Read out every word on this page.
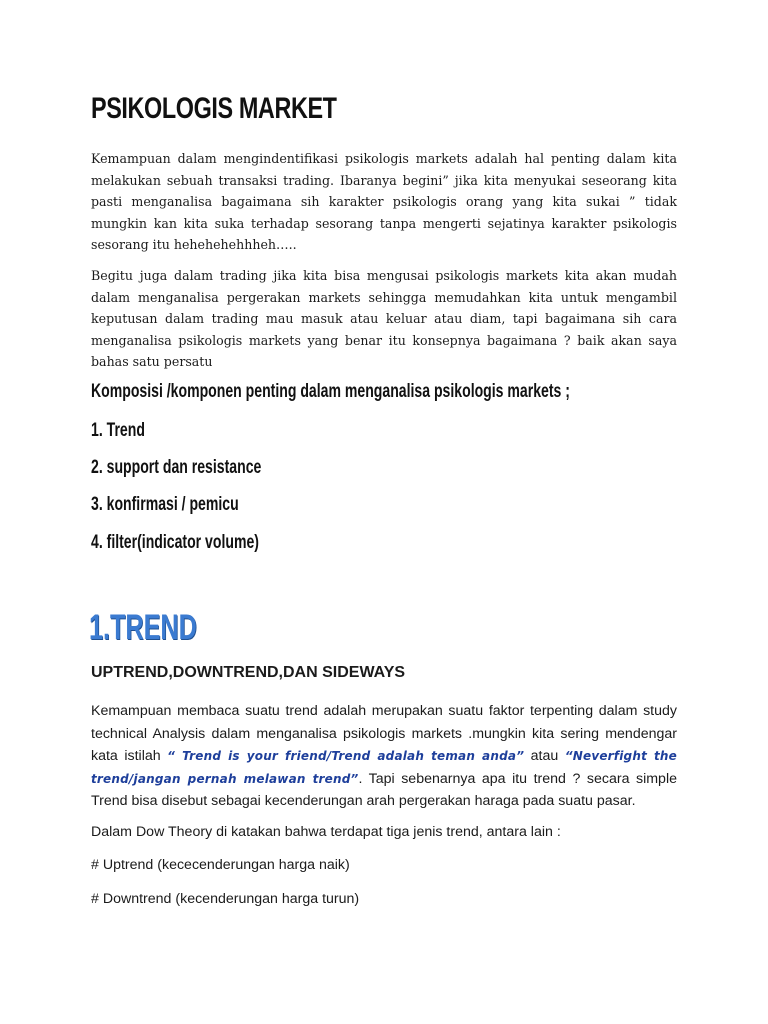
PSIKOLOGIS MARKET

Kemampuan dalam mengindentifikasi psikologis markets adalah hal penting dalam kita melakukan sebuah transaksi trading. Ibaranya begini” jika kita menyukai seseorang kita pasti menganalisa bagaimana sih karakter psikologis orang yang kita sukai ” tidak mungkin kan kita suka terhadap sesorang tanpa mengerti sejatinya karakter psikologis sesorang itu hehehehehhheh…..

Begitu juga dalam trading jika kita bisa mengusai psikologis markets kita akan mudah dalam menganalisa pergerakan markets sehingga memudahkan kita untuk mengambil keputusan dalam trading mau masuk atau keluar atau diam, tapi bagaimana sih cara menganalisa psikologis markets yang benar itu konsepnya bagaimana ? baik akan saya bahas satu persatu

Komposisi /komponen penting dalam menganalisa psikologis markets ;
1. Trend
2. support dan resistance
3. konfirmasi / pemicu
4. filter(indicator volume)
1.TREND
UPTREND,DOWNTREND,DAN SIDEWAYS

Kemampuan membaca suatu trend adalah merupakan suatu faktor terpenting dalam study technical Analysis dalam menganalisa psikologis markets .mungkin kita sering mendengar kata istilah “ Trend is your friend/Trend adalah teman anda” atau “Neverfight the trend/jangan pernah melawan trend”. Tapi sebenarnya apa itu trend ? secara simple Trend bisa disebut sebagai kecenderungan arah pergerakan haraga pada suatu pasar.

Dalam Dow Theory di katakan bahwa terdapat tiga jenis trend, antara lain :

# Uptrend (kececenderungan harga naik)

# Downtrend (kecenderungan harga turun)
